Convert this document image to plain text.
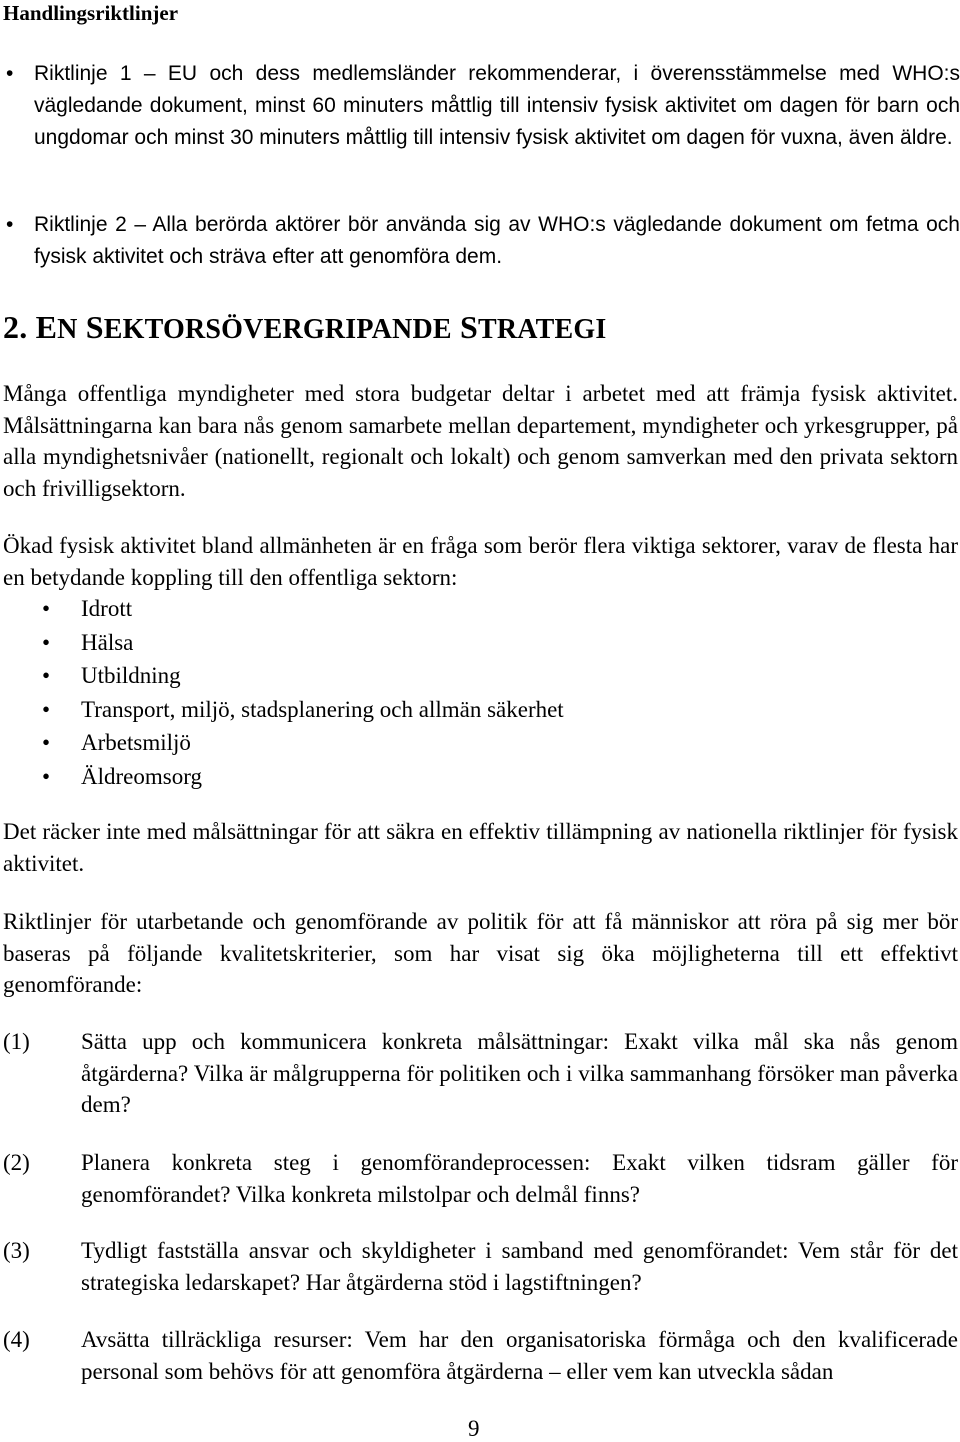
Handlingsriktlinjer
• Riktlinje 1 – EU och dess medlemsländer rekommenderar, i överensstämmelse med WHO:s vägledande dokument, minst 60 minuters måttlig till intensiv fysisk aktivitet om dagen för barn och ungdomar och minst 30 minuters måttlig till intensiv fysisk aktivitet om dagen för vuxna, även äldre.
• Riktlinje 2 – Alla berörda aktörer bör använda sig av WHO:s vägledande dokument om fetma och fysisk aktivitet och sträva efter att genomföra dem.
2. EN SEKTORSÖVERGRIPANDE STRATEGI
Många offentliga myndigheter med stora budgetar deltar i arbetet med att främja fysisk aktivitet. Målsättningarna kan bara nås genom samarbete mellan departement, myndigheter och yrkesgrupper, på alla myndighetsnivåer (nationellt, regionalt och lokalt) och genom samverkan med den privata sektorn och frivilligsektorn.
Ökad fysisk aktivitet bland allmänheten är en fråga som berör flera viktiga sektorer, varav de flesta har en betydande koppling till den offentliga sektorn:
• Idrott
• Hälsa
• Utbildning
• Transport, miljö, stadsplanering och allmän säkerhet
• Arbetsmiljö
• Äldreomsorg
Det räcker inte med målsättningar för att säkra en effektiv tillämpning av nationella riktlinjer för fysisk aktivitet.
Riktlinjer för utarbetande och genomförande av politik för att få människor att röra på sig mer bör baseras på följande kvalitetskriterier, som har visat sig öka möjligheterna till ett effektivt genomförande:
(1) Sätta upp och kommunicera konkreta målsättningar: Exakt vilka mål ska nås genom åtgärderna? Vilka är målgrupperna för politiken och i vilka sammanhang försöker man påverka dem?
(2) Planera konkreta steg i genomförandeprocessen: Exakt vilken tidsram gäller för genomförandet? Vilka konkreta milstolpar och delmål finns?
(3) Tydligt fastställa ansvar och skyldigheter i samband med genomförandet: Vem står för det strategiska ledarskapet? Har åtgärderna stöd i lagstiftningen?
(4) Avsätta tillräckliga resurser: Vem har den organisatoriska förmåga och den kvalificerade personal som behövs för att genomföra åtgärderna – eller vem kan utveckla sådan
9
